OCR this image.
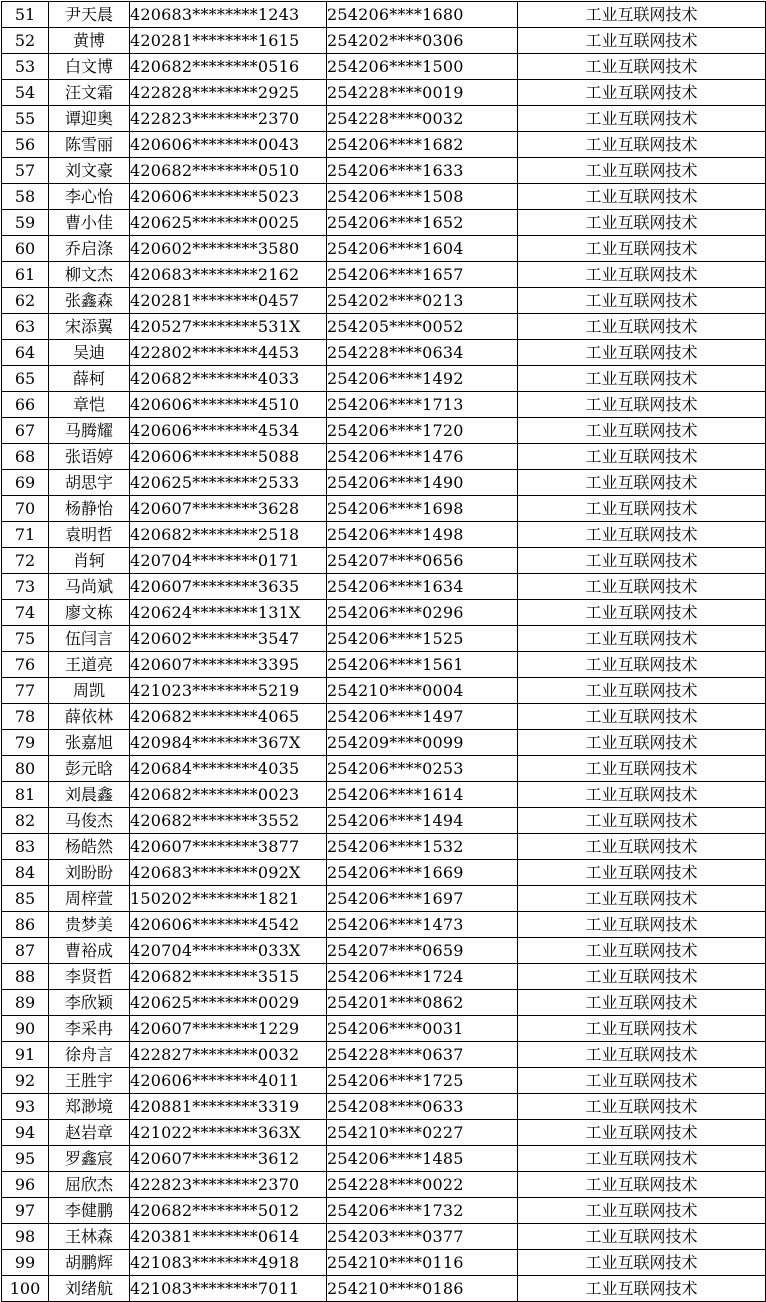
51	尹天晨	420683********1243	254206****1680	工业互联网技术
52	黄博	420281********1615	254202****0306	工业互联网技术
53	白文博	420682********0516	254206****1500	工业互联网技术
54	汪文霜	422828********2925	254228****0019	工业互联网技术
55	谭迎奥	422823********2370	254228****0032	工业互联网技术
56	陈雪丽	420606********0043	254206****1682	工业互联网技术
57	刘文豪	420682********0510	254206****1633	工业互联网技术
58	李心怡	420606********5023	254206****1508	工业互联网技术
59	曹小佳	420625********0025	254206****1652	工业互联网技术
60	乔启涤	420602********3580	254206****1604	工业互联网技术
61	柳文杰	420683********2162	254206****1657	工业互联网技术
62	张鑫森	420281********0457	254202****0213	工业互联网技术
63	宋添翼	420527********531X	254205****0052	工业互联网技术
64	吴迪	422802********4453	254228****0634	工业互联网技术
65	薛柯	420682********4033	254206****1492	工业互联网技术
66	章恺	420606********4510	254206****1713	工业互联网技术
67	马腾耀	420606********4534	254206****1720	工业互联网技术
68	张语婷	420606********5088	254206****1476	工业互联网技术
69	胡思宇	420625********2533	254206****1490	工业互联网技术
70	杨静怡	420607********3628	254206****1698	工业互联网技术
71	袁明哲	420682********2518	254206****1498	工业互联网技术
72	肖轲	420704********0171	254207****0656	工业互联网技术
73	马尚斌	420607********3635	254206****1634	工业互联网技术
74	廖文栋	420624********131X	254206****0296	工业互联网技术
75	伍闫言	420602********3547	254206****1525	工业互联网技术
76	王道亮	420607********3395	254206****1561	工业互联网技术
77	周凯	421023********5219	254210****0004	工业互联网技术
78	薛依林	420682********4065	254206****1497	工业互联网技术
79	张嘉旭	420984********367X	254209****0099	工业互联网技术
80	彭元晗	420684********4035	254206****0253	工业互联网技术
81	刘晨鑫	420682********0023	254206****1614	工业互联网技术
82	马俊杰	420682********3552	254206****1494	工业互联网技术
83	杨皓然	420607********3877	254206****1532	工业互联网技术
84	刘盼盼	420683********092X	254206****1669	工业互联网技术
85	周梓萱	150202********1821	254206****1697	工业互联网技术
86	贵梦美	420606********4542	254206****1473	工业互联网技术
87	曹裕成	420704********033X	254207****0659	工业互联网技术
88	李贤哲	420682********3515	254206****1724	工业互联网技术
89	李欣颖	420625********0029	254201****0862	工业互联网技术
90	李采冉	420607********1229	254206****0031	工业互联网技术
91	徐舟言	422827********0032	254228****0637	工业互联网技术
92	王胜宇	420606********4011	254206****1725	工业互联网技术
93	郑渺境	420881********3319	254208****0633	工业互联网技术
94	赵岩章	421022********363X	254210****0227	工业互联网技术
95	罗鑫宸	420607********3612	254206****1485	工业互联网技术
96	屈欣杰	422823********2370	254228****0022	工业互联网技术
97	李健鹏	420682********5012	254206****1732	工业互联网技术
98	王林森	420381********0614	254203****0377	工业互联网技术
99	胡鹏辉	421083********4918	254210****0116	工业互联网技术
100	刘绪航	421083********7011	254210****0186	工业互联网技术
